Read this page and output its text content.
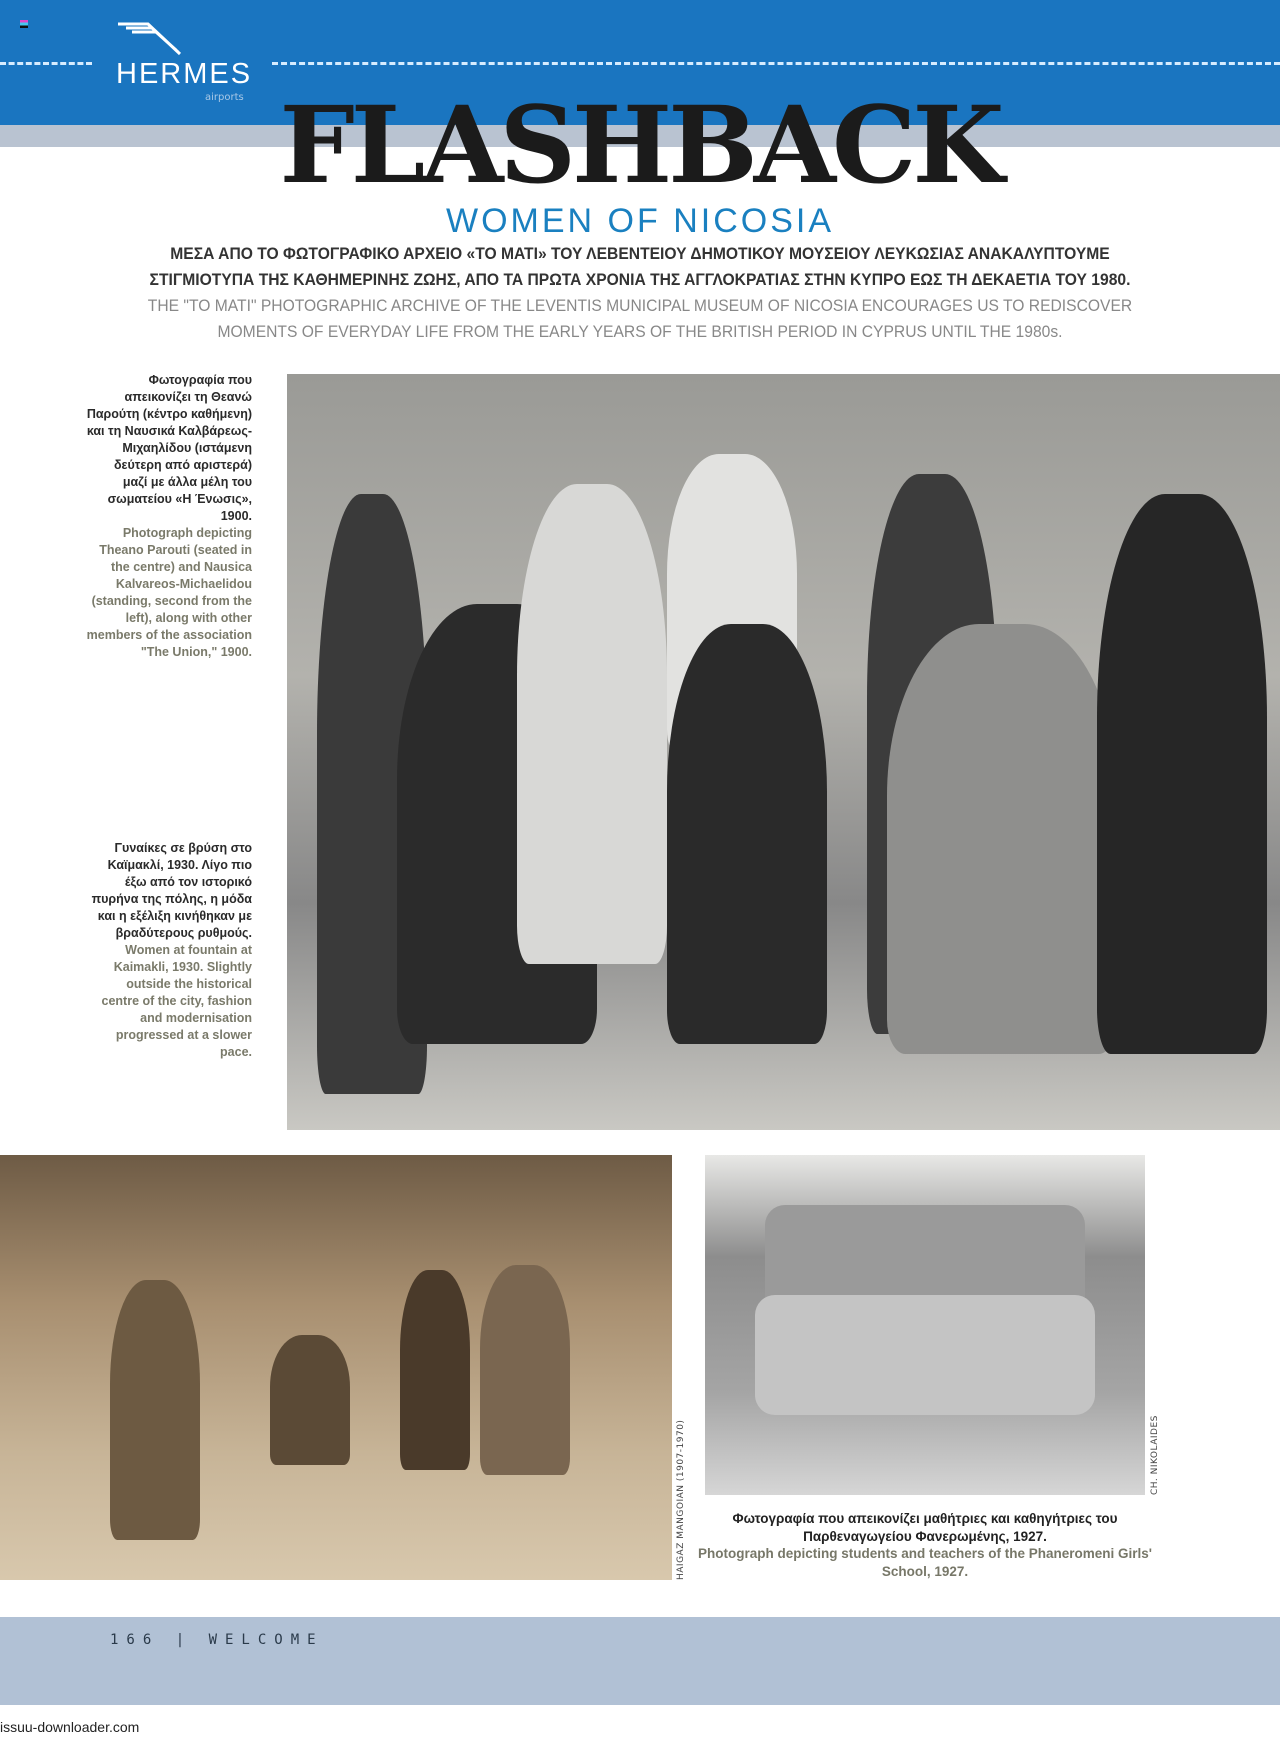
HERMES
airports FLASHBACK
WOMEN OF NICOSIA
ΜΕΣΑ ΑΠΟ ΤΟ ΦΩΤΟΓΡΑΦΙΚΟ ΑΡΧΕΙΟ «ΤΟ ΜΑΤΙ» ΤΟΥ ΛΕΒΕΝΤΕΙΟΥ ΔΗΜΟΤΙΚΟΥ ΜΟΥΣΕΙΟΥ ΛΕΥΚΩΣΙΑΣ ΑΝΑΚΑΛΥΠΤΟΥΜΕ
ΣΤΙΓΜΙΟΤΥΠΑ ΤΗΣ ΚΑΘΗΜΕΡΙΝΗΣ ΖΩΗΣ, ΑΠΟ ΤΑ ΠΡΩΤΑ ΧΡΟΝΙΑ ΤΗΣ ΑΓΓΛΟΚΡΑΤΙΑΣ ΣΤΗΝ ΚΥΠΡΟ ΕΩΣ ΤΗ ΔΕΚΑΕΤΙΑ ΤΟΥ 1980.
THE "TO MATI" PHOTOGRAPHIC ARCHIVE OF THE LEVENTIS MUNICIPAL MUSEUM OF NICOSIA ENCOURAGES US TO REDISCOVER
MOMENTS OF EVERYDAY LIFE FROM THE EARLY YEARS OF THE BRITISH PERIOD IN CYPRUS UNTIL THE 1980s.
Φωτογραφία που απεικονίζει τη Θεανώ Παρούτη (κέντρο καθήμενη) και τη Ναυσικά Καλβάρεως-Μιχαηλίδου (ιστάμενη δεύτερη από αριστερά) μαζί με άλλα μέλη του σωματείου «Η Ένωσις», 1900.
Photograph depicting Theano Parouti (seated in the centre) and Nausica Kalvareos-Michaelidou (standing, second from the left), along with other members of the association "The Union," 1900.
Γυναίκες σε βρύση στο Καϊμακλί, 1930. Λίγο πιο έξω από τον ιστορικό πυρήνα της πόλης, η μόδα και η εξέλιξη κινήθηκαν με βραδύτερους ρυθμούς.
Women at fountain at Kaimakli, 1930. Slightly outside the historical centre of the city, fashion and modernisation progressed at a slower pace.
HAIGAZ MANGOIAN (1907-1970)	CH. NIKOLAIDES
Φωτογραφία που απεικονίζει μαθήτριες και καθηγήτριες του Παρθεναγωγείου Φανερωμένης, 1927.
Photograph depicting students and teachers of the Phaneromeni Girls' School, 1927.
166 | WELCOME
issuu-downloader.com
